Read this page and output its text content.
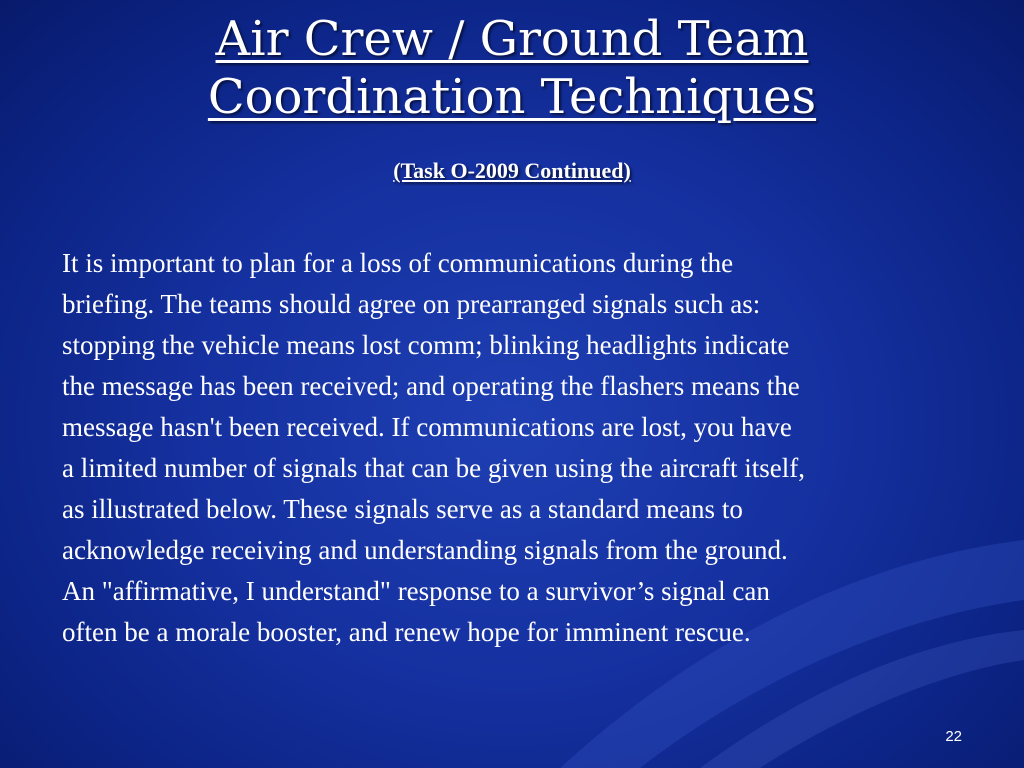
Air Crew / Ground Team
Coordination Techniques
(Task O-2009 Continued)

It is important to plan for a loss of communications during the
briefing. The teams should agree on prearranged signals such as:
stopping the vehicle means lost comm; blinking headlights indicate
the message has been received; and operating the flashers means the
message hasn't been received. If communications are lost, you have
a limited number of signals that can be given using the aircraft itself,
as illustrated below. These signals serve as a standard means to
acknowledge receiving and understanding signals from the ground.
An "affirmative, I understand" response to a survivor’s signal can
often be a morale booster, and renew hope for imminent rescue.

22
